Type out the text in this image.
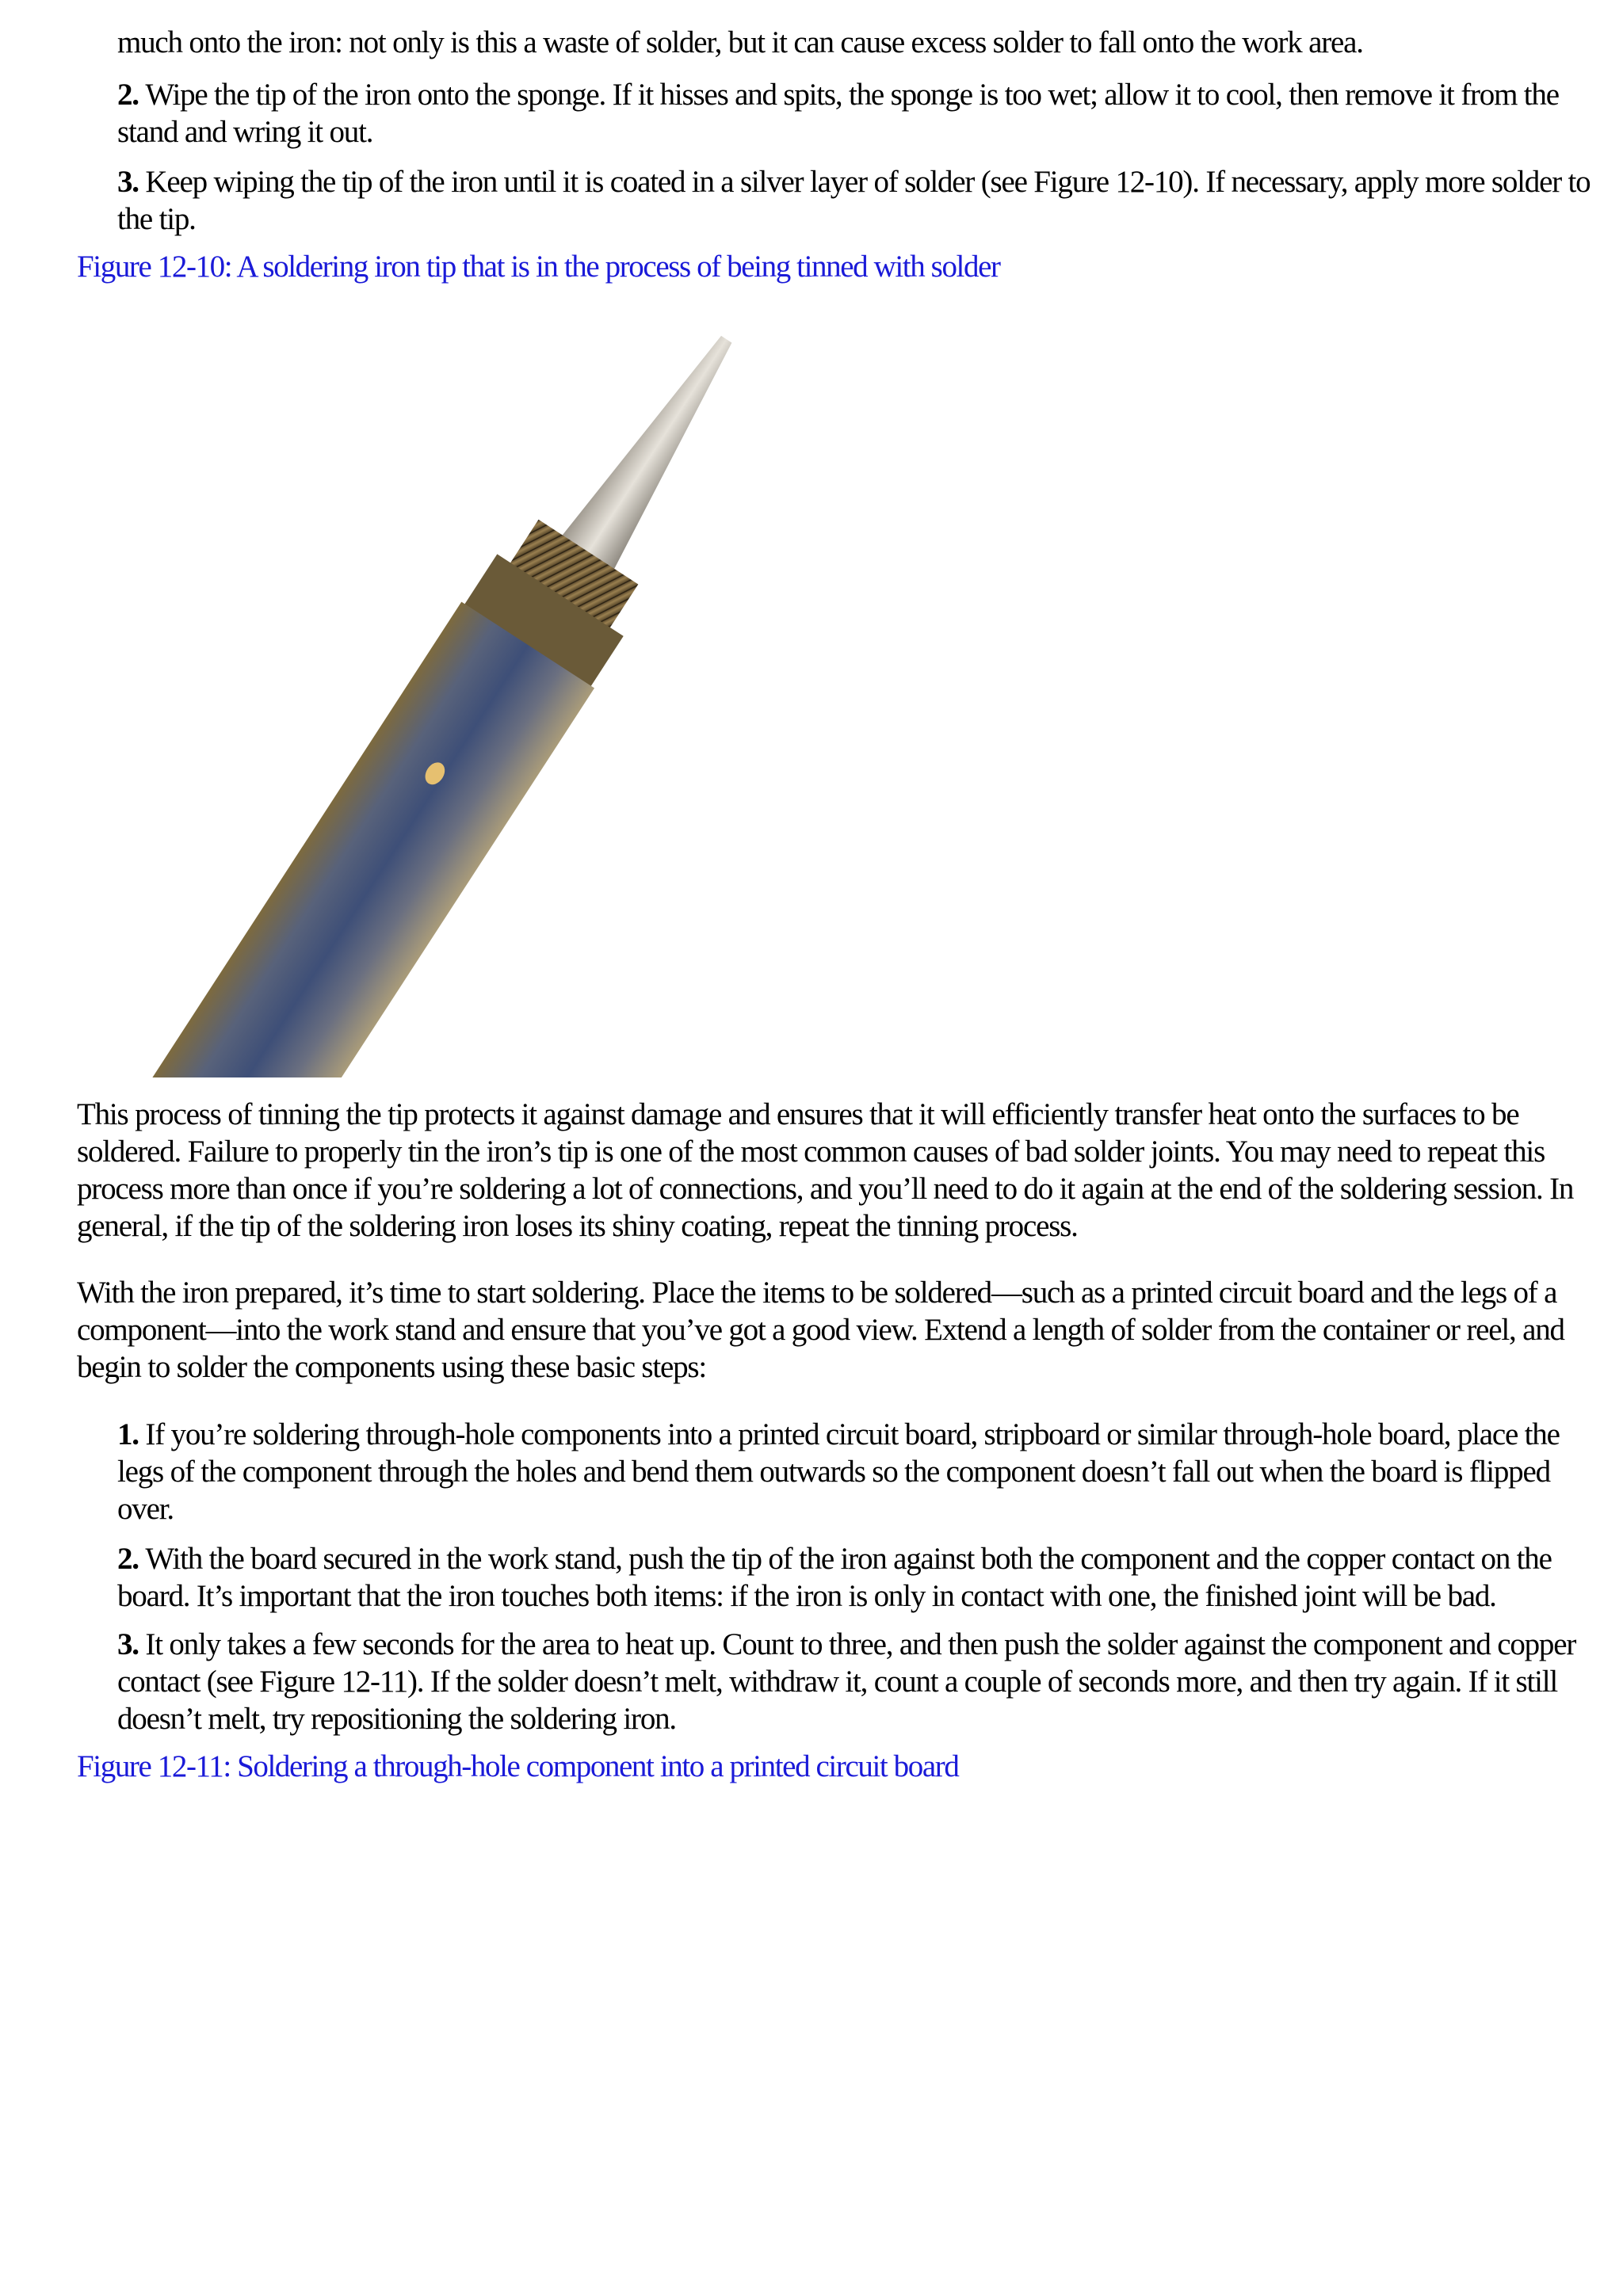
much onto the iron: not only is this a waste of solder, but it can cause excess solder to fall onto the work area.
2. Wipe the tip of the iron onto the sponge. If it hisses and spits, the sponge is too wet; allow it to cool, then remove it from the stand and wring it out.
3. Keep wiping the tip of the iron until it is coated in a silver layer of solder (see Figure 12-10). If necessary, apply more solder to the tip.
Figure 12-10: A soldering iron tip that is in the process of being tinned with solder
This process of tinning the tip protects it against damage and ensures that it will efficiently transfer heat onto the surfaces to be soldered. Failure to properly tin the iron’s tip is one of the most common causes of bad solder joints. You may need to repeat this process more than once if you’re soldering a lot of connections, and you’ll need to do it again at the end of the soldering session. In general, if the tip of the soldering iron loses its shiny coating, repeat the tinning process.
With the iron prepared, it’s time to start soldering. Place the items to be soldered—such as a printed circuit board and the legs of a component—into the work stand and ensure that you’ve got a good view. Extend a length of solder from the container or reel, and begin to solder the components using these basic steps:
1. If you’re soldering through-hole components into a printed circuit board, stripboard or similar through-hole board, place the legs of the component through the holes and bend them outwards so the component doesn’t fall out when the board is flipped over.
2. With the board secured in the work stand, push the tip of the iron against both the component and the copper contact on the board. It’s important that the iron touches both items: if the iron is only in contact with one, the finished joint will be bad.
3. It only takes a few seconds for the area to heat up. Count to three, and then push the solder against the component and copper contact (see Figure 12-11). If the solder doesn’t melt, withdraw it, count a couple of seconds more, and then try again. If it still doesn’t melt, try repositioning the soldering iron.
Figure 12-11: Soldering a through-hole component into a printed circuit board
